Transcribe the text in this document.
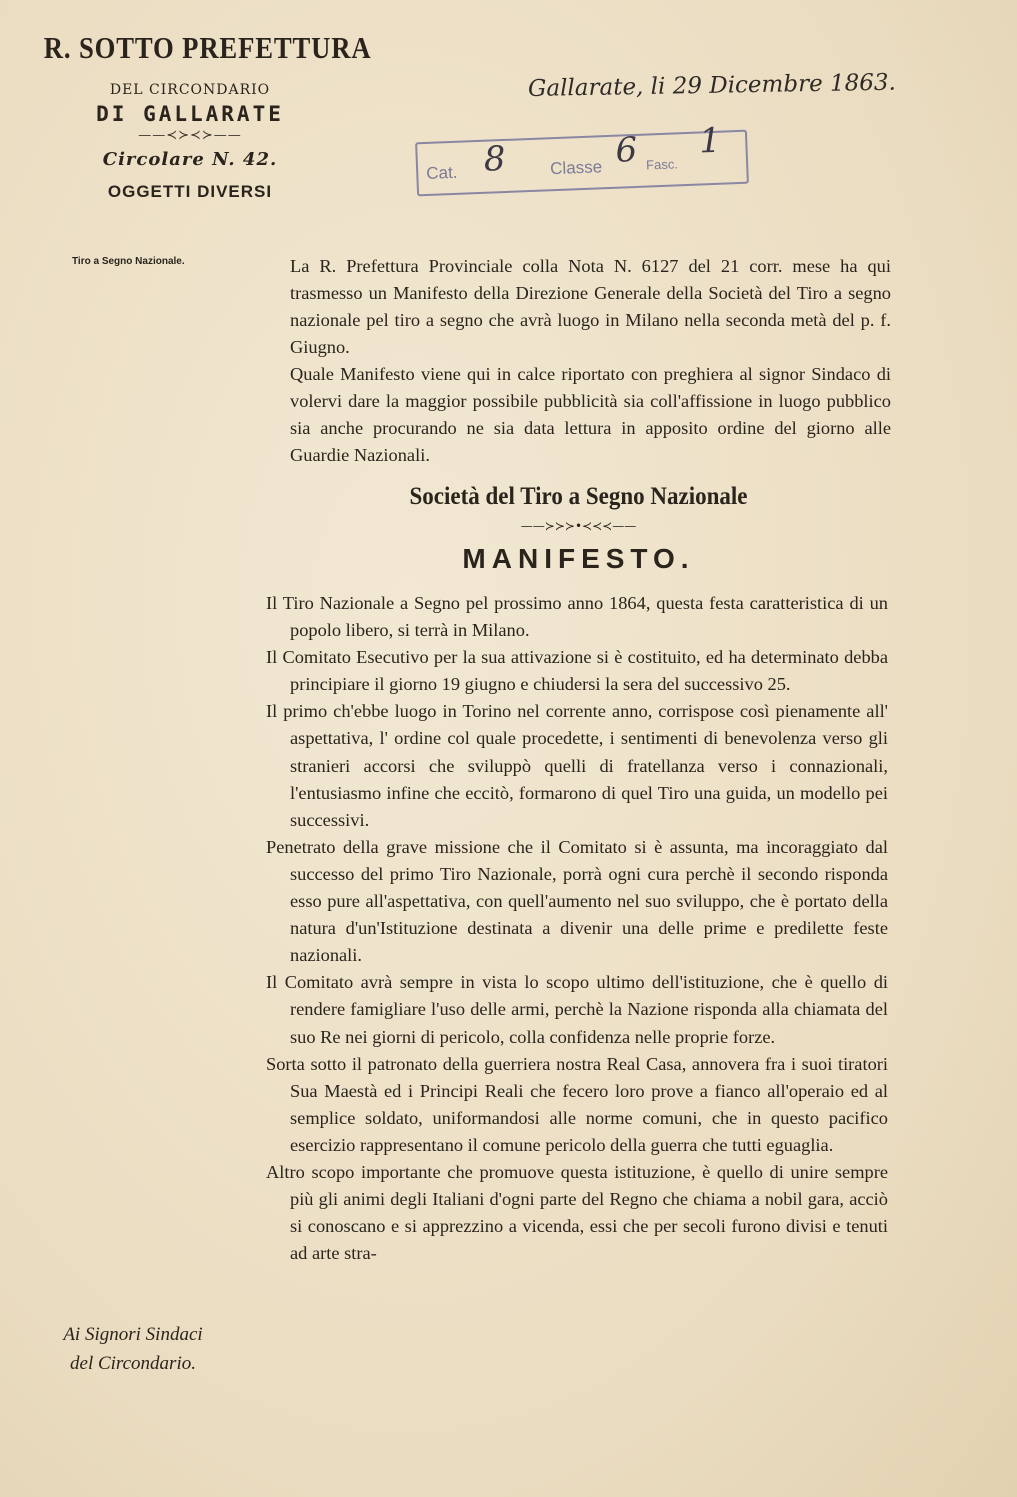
R. SOTTO PREFETTURA
DEL CIRCONDARIO
DI GALLARATE
——≺≻≺≻——
Circolare N. 42.
OGGETTI DIVERSI
Tiro a Segno Nazionale.
Gallarate, li 29 Dicembre 1863.
Cat. 8	Classe 6 Fasc.
1

La R. Prefettura Provinciale colla Nota N. 6127 del 21 corr. mese ha qui trasmesso un Manifesto della Direzione Generale della Società del Tiro a segno nazionale pel tiro a segno che avrà luogo in Milano nella seconda metà del p. f. Giugno.

Quale Manifesto viene qui in calce riportato con preghiera al signor Sindaco di volervi dare la maggior possibile pubblicità sia coll'affissione in luogo pubblico sia anche procurando ne sia data lettura in apposito ordine del giorno alle Guardie Nazionali.

Società del Tiro a Segno Nazionale
——≻≻≻•≺≺≺——
MANIFESTO.

Il Tiro Nazionale a Segno pel prossimo anno 1864, questa festa caratteristica di un popolo libero, si terrà in Milano.

Il Comitato Esecutivo per la sua attivazione si è costituito, ed ha determinato debba principiare il giorno 19 giugno e chiudersi la sera del successivo 25.

Il primo ch'ebbe luogo in Torino nel corrente anno, corrispose così pienamente all' aspettativa, l' ordine col quale procedette, i sentimenti di benevolenza verso gli stranieri accorsi che sviluppò quelli di fratellanza verso i connazionali, l'entusiasmo infine che eccitò, formarono di quel Tiro una guida, un modello pei successivi.

Penetrato della grave missione che il Comitato si è assunta, ma incoraggiato dal successo del primo Tiro Nazionale, porrà ogni cura perchè il secondo risponda esso pure all'aspettativa, con quell'aumento nel suo sviluppo, che è portato della natura d'un'Istituzione destinata a divenir una delle prime e predilette feste nazionali.

Il Comitato avrà sempre in vista lo scopo ultimo dell'istituzione, che è quello di rendere famigliare l'uso delle armi, perchè la Nazione risponda alla chiamata del suo Re nei giorni di pericolo, colla confidenza nelle proprie forze.

Sorta sotto il patronato della guerriera nostra Real Casa, annovera fra i suoi tiratori Sua Maestà ed i Principi Reali che fecero loro prove a fianco all'operaio ed al semplice soldato, uniformandosi alle norme comuni, che in questo pacifico esercizio rappresentano il comune pericolo della guerra che tutti eguaglia.

Altro scopo importante che promuove questa istituzione, è quello di unire sempre più gli animi degli Italiani d'ogni parte del Regno che chiama a nobil gara, acciò si conoscano e si apprezzino a vicenda, essi che per secoli furono divisi e tenuti ad arte stra-

Ai Signori Sindaci
del Circondario.
